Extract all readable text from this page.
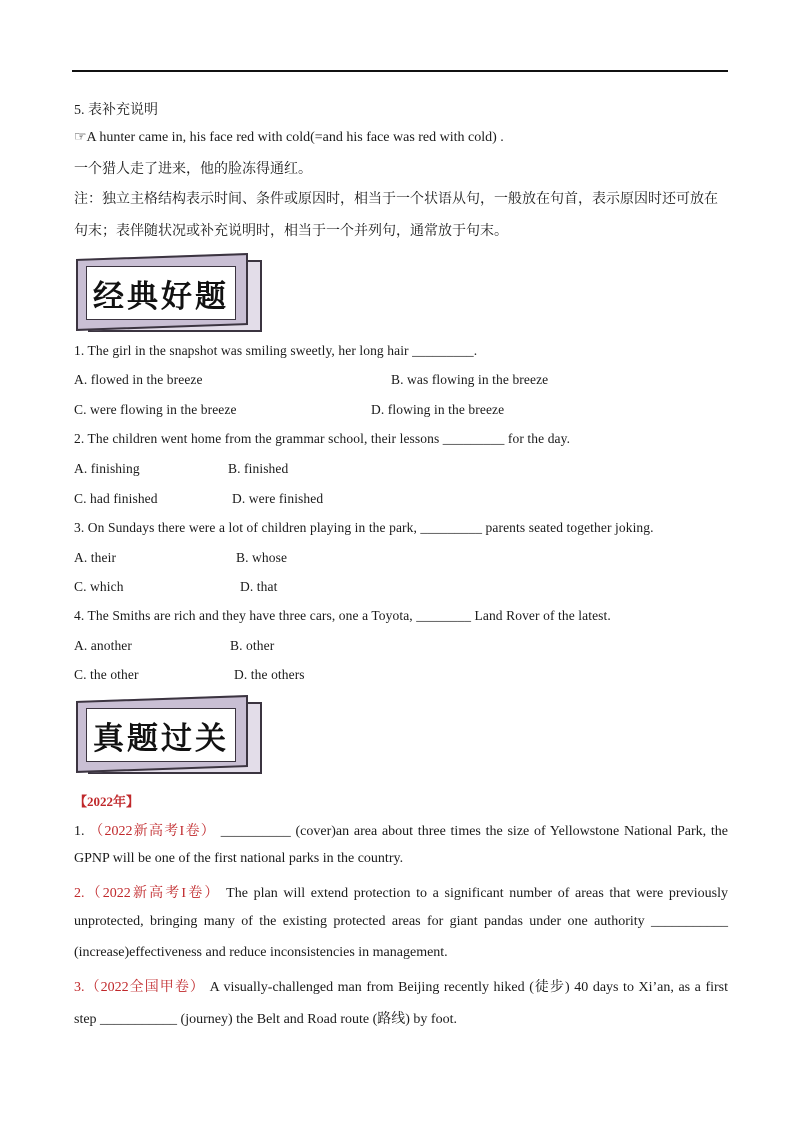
5. 表补充说明
☞A hunter came in, his face red with cold(=and his face was red with cold) .
一个猎人走了进来，他的脸冻得通红。
注：独立主格结构表示时间、条件或原因时，相当于一个状语从句，一般放在句首，表示原因时还可放在
句末；表伴随状况或补充说明时，相当于一个并列句，通常放于句末。
经典好题
1. The girl in the snapshot was smiling sweetly, her long hair _________.
A. flowed in the breeze	B. was flowing in the breeze
C. were flowing in the breeze	D. flowing in the breeze
2. The children went home from the grammar school, their lessons _________ for the day.
A. finishing	B. finished
C. had finished	D. were finished
3. On Sundays there were a lot of children playing in the park, _________ parents seated together joking.
A. their	B. whose
C. which	D. that
4. The Smiths are rich and they have three cars, one a Toyota, ________ Land Rover of the latest.
A. another	B. other
C. the other	D. the others
真题过关
【2022年】
1. （2022新高考I卷） __________ (cover)an area about three times the size of Yellowstone National Park, the
GPNP will be one of the first national parks in the country.
2.（2022新高考I卷） The plan will extend protection to a significant number of areas that were previously
unprotected, bringing many of the existing protected areas for giant pandas under one authority ___________
(increase)effectiveness and reduce inconsistencies in management.
3.（2022全国甲卷） A visually-challenged man from Beijing recently hiked (徒步) 40 days to Xi’an, as a first
step ___________ (journey) the Belt and Road route (路线) by foot.
